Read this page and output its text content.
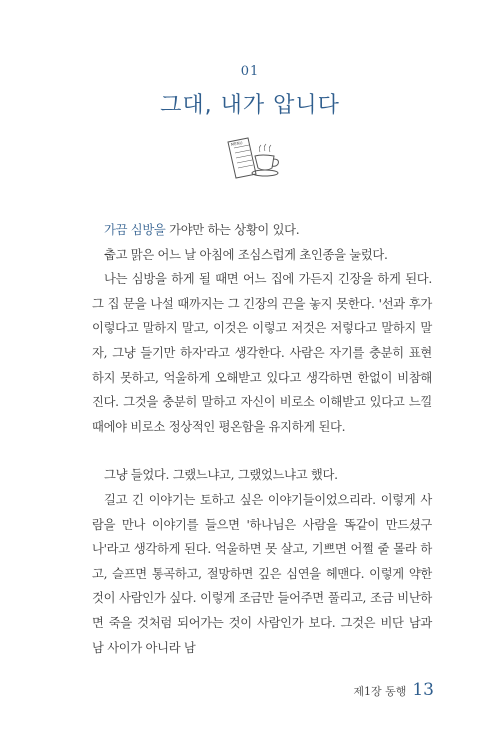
01
그대, 내가 압니다
MENU

가끔 심방을 가야만 하는 상황이 있다.

춥고 맑은 어느 날 아침에 조심스럽게 초인종을 눌렀다.

나는 심방을 하게 될 때면 어느 집에 가든지 긴장을 하게 된다. 그 집 문을 나설 때까지는 그 긴장의 끈을 놓지 못한다. '선과 후가 이렇다고 말하지 말고, 이것은 이렇고 저것은 저렇다고 말하지 말자, 그냥 들기만 하자'라고 생각한다. 사람은 자기를 충분히 표현하지 못하고, 억울하게 오해받고 있다고 생각하면 한없이 비참해진다. 그것을 충분히 말하고 자신이 비로소 이해받고 있다고 느낄 때에야 비로소 정상적인 평온함을 유지하게 된다.

그냥 들었다. 그랬느냐고, 그랬었느냐고 했다.

길고 긴 이야기는 토하고 싶은 이야기들이었으리라. 이렇게 사람을 만나 이야기를 들으면 '하나님은 사람을 똑같이 만드셨구나'라고 생각하게 된다. 억울하면 못 살고, 기쁘면 어쩔 줄 몰라 하고, 슬프면 통곡하고, 절망하면 깊은 심연을 헤맨다. 이렇게 약한 것이 사람인가 싶다. 이렇게 조금만 들어주면 풀리고, 조금 비난하면 죽을 것처럼 되어가는 것이 사람인가 보다. 그것은 비단 남과 남 사이가 아니라 남

제1장 동행 13
